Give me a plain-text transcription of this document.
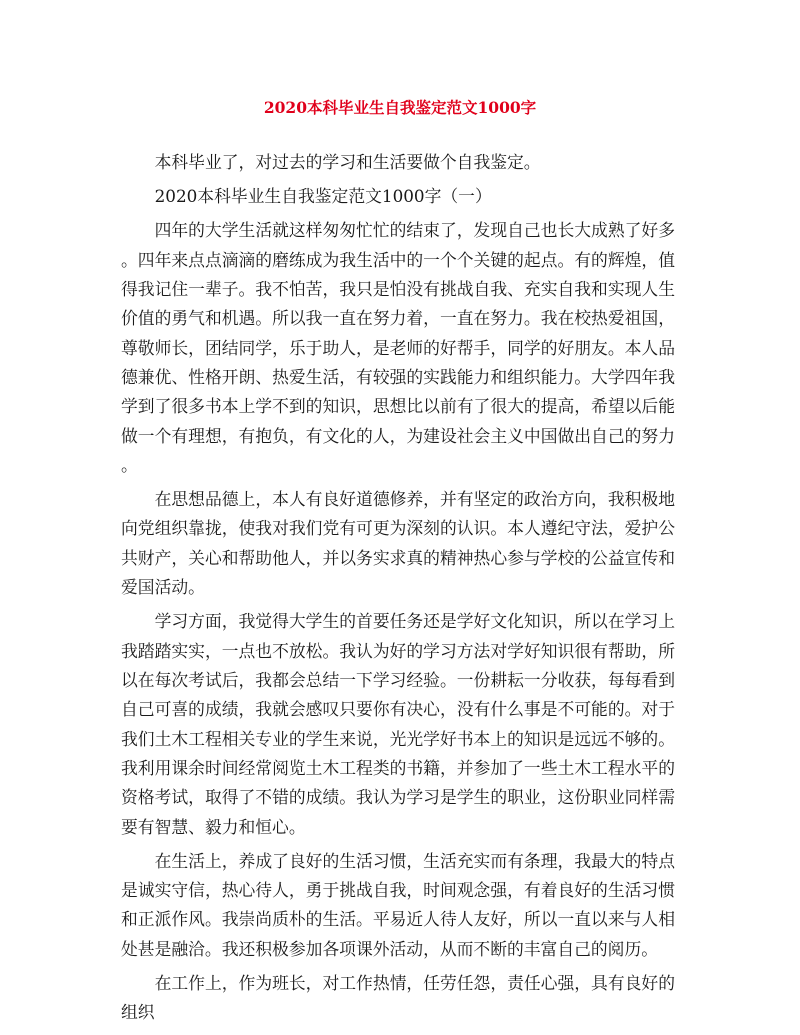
2020本科毕业生自我鉴定范文1000字

本科毕业了，对过去的学习和生活要做个自我鉴定。

2020本科毕业生自我鉴定范文1000字（一）

四年的大学生活就这样匆匆忙忙的结束了，发现自己也长大成熟了好多。四年来点点滴滴的磨练成为我生活中的一个个关键的起点。有的辉煌，值得我记住一辈子。我不怕苦，我只是怕没有挑战自我、充实自我和实现人生价值的勇气和机遇。所以我一直在努力着，一直在努力。我在校热爱祖国，尊敬师长，团结同学，乐于助人，是老师的好帮手，同学的好朋友。本人品德兼优、性格开朗、热爱生活，有较强的实践能力和组织能力。大学四年我学到了很多书本上学不到的知识，思想比以前有了很大的提高，希望以后能做一个有理想，有抱负，有文化的人，为建设社会主义中国做出自己的努力。

在思想品德上，本人有良好道德修养，并有坚定的政治方向，我积极地向党组织靠拢，使我对我们党有可更为深刻的认识。本人遵纪守法，爱护公共财产，关心和帮助他人，并以务实求真的精神热心参与学校的公益宣传和爱国活动。

学习方面，我觉得大学生的首要任务还是学好文化知识，所以在学习上我踏踏实实，一点也不放松。我认为好的学习方法对学好知识很有帮助，所以在每次考试后，我都会总结一下学习经验。一份耕耘一分收获，每每看到自己可喜的成绩，我就会感叹只要你有决心，没有什么事是不可能的。对于我们土木工程相关专业的学生来说，光光学好书本上的知识是远远不够的。我利用课余时间经常阅览土木工程类的书籍，并参加了一些土木工程水平的资格考试，取得了不错的成绩。我认为学习是学生的职业，这份职业同样需要有智慧、毅力和恒心。

在生活上，养成了良好的生活习惯，生活充实而有条理，我最大的特点是诚实守信，热心待人，勇于挑战自我，时间观念强，有着良好的生活习惯和正派作风。我崇尚质朴的生活。平易近人待人友好，所以一直以来与人相处甚是融洽。我还积极参加各项课外活动，从而不断的丰富自己的阅历。

在工作上，作为班长，对工作热情，任劳任怨，责任心强，具有良好的组织
